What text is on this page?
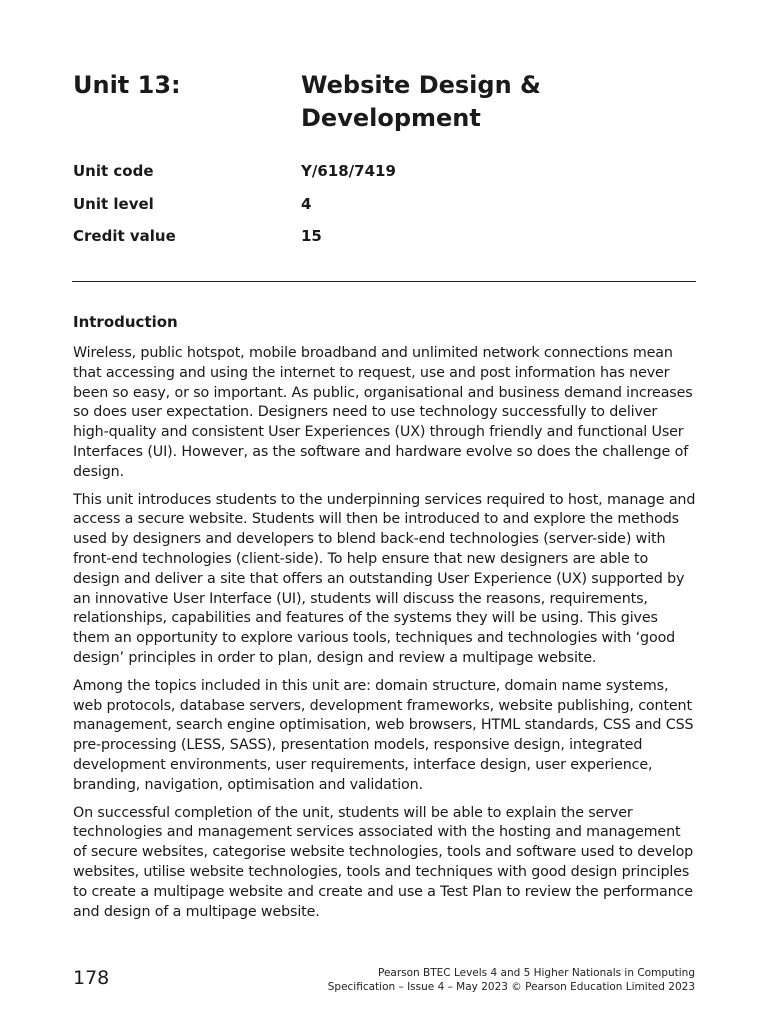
Unit 13:	Website Design & Development
Unit code	Y/618/7419
Unit level	4
Credit value	15
Introduction

Wireless, public hotspot, mobile broadband and unlimited network connections mean that accessing and using the internet to request, use and post information has never been so easy, or so important. As public, organisational and business demand increases so does user expectation. Designers need to use technology successfully to deliver high-quality and consistent User Experiences (UX) through friendly and functional User Interfaces (UI). However, as the software and hardware evolve so does the challenge of design.

This unit introduces students to the underpinning services required to host, manage and access a secure website. Students will then be introduced to and explore the methods used by designers and developers to blend back-end technologies (server-side) with front-end technologies (client-side). To help ensure that new designers are able to design and deliver a site that offers an outstanding User Experience (UX) supported by an innovative User Interface (UI), students will discuss the reasons, requirements, relationships, capabilities and features of the systems they will be using. This gives them an opportunity to explore various tools, techniques and technologies with ‘good design’ principles in order to plan, design and review a multipage website.

Among the topics included in this unit are: domain structure, domain name systems, web protocols, database servers, development frameworks, website publishing, content management, search engine optimisation, web browsers, HTML standards, CSS and CSS pre-processing (LESS, SASS), presentation models, responsive design, integrated development environments, user requirements, interface design, user experience, branding, navigation, optimisation and validation.

On successful completion of the unit, students will be able to explain the server technologies and management services associated with the hosting and management of secure websites, categorise website technologies, tools and software used to develop websites, utilise website technologies, tools and techniques with good design principles to create a multipage website and create and use a Test Plan to review the performance and design of a multipage website.

178	Pearson BTEC Levels 4 and 5 Higher Nationals in Computing
Specification – Issue 4 – May 2023 © Pearson Education Limited 2023
